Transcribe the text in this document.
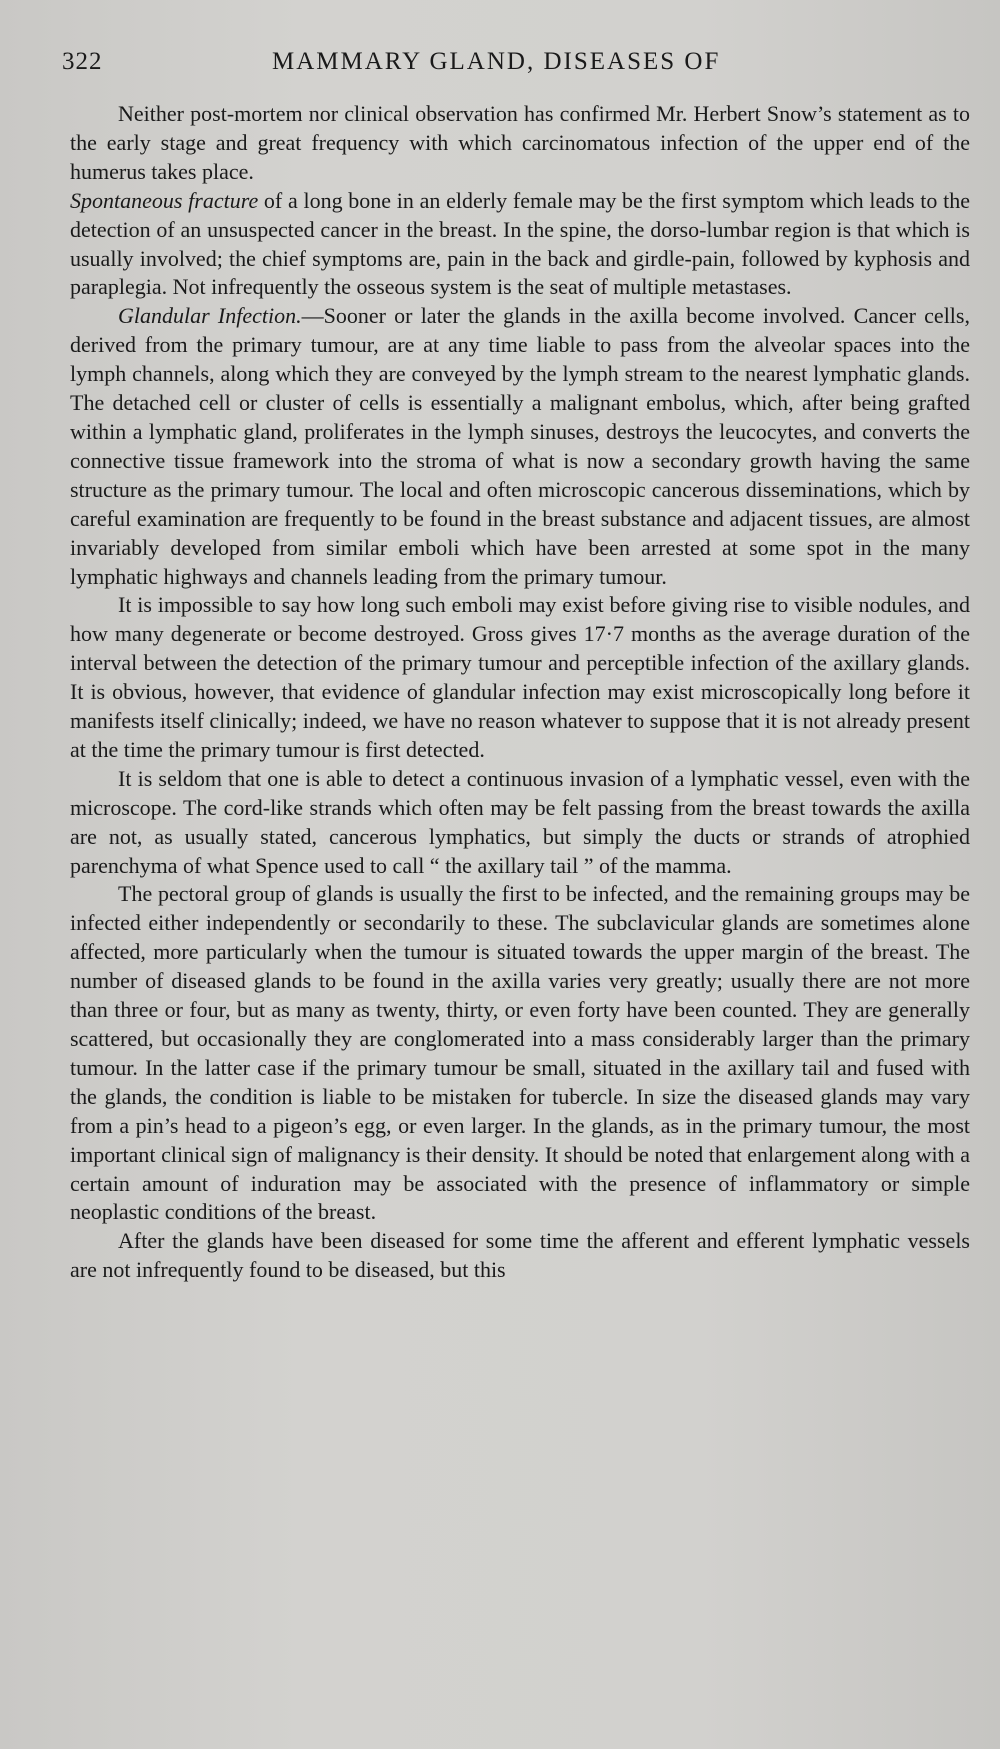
322	MAMMARY GLAND, DISEASES OF

Neither post-mortem nor clinical observation has confirmed Mr. Herbert Snow’s statement as to the early stage and great frequency with which carcinomatous infection of the upper end of the humerus takes place.

Spontaneous fracture of a long bone in an elderly female may be the first symptom which leads to the detection of an unsuspected cancer in the breast. In the spine, the dorso-lumbar region is that which is usually involved; the chief symptoms are, pain in the back and girdle-pain, followed by kyphosis and paraplegia. Not infrequently the osseous system is the seat of multiple metastases.

Glandular Infection.—Sooner or later the glands in the axilla become involved. Cancer cells, derived from the primary tumour, are at any time liable to pass from the alveolar spaces into the lymph channels, along which they are conveyed by the lymph stream to the nearest lymphatic glands. The detached cell or cluster of cells is essentially a malignant embolus, which, after being grafted within a lymphatic gland, proliferates in the lymph sinuses, destroys the leucocytes, and converts the connective tissue framework into the stroma of what is now a secondary growth having the same structure as the primary tumour. The local and often microscopic cancerous disseminations, which by careful examination are frequently to be found in the breast substance and adjacent tissues, are almost invariably developed from similar emboli which have been arrested at some spot in the many lymphatic highways and channels leading from the primary tumour.

It is impossible to say how long such emboli may exist before giving rise to visible nodules, and how many degenerate or become destroyed. Gross gives 17·7 months as the average duration of the interval between the detection of the primary tumour and perceptible infection of the axillary glands. It is obvious, however, that evidence of glandular infection may exist microscopically long before it manifests itself clinically; indeed, we have no reason whatever to suppose that it is not already present at the time the primary tumour is first detected.

It is seldom that one is able to detect a continuous invasion of a lymphatic vessel, even with the microscope. The cord-like strands which often may be felt passing from the breast towards the axilla are not, as usually stated, cancerous lymphatics, but simply the ducts or strands of atrophied parenchyma of what Spence used to call “ the axillary tail ” of the mamma.

The pectoral group of glands is usually the first to be infected, and the remaining groups may be infected either independently or secondarily to these. The subclavicular glands are sometimes alone affected, more particularly when the tumour is situated towards the upper margin of the breast. The number of diseased glands to be found in the axilla varies very greatly; usually there are not more than three or four, but as many as twenty, thirty, or even forty have been counted. They are generally scattered, but occasionally they are conglomerated into a mass considerably larger than the primary tumour. In the latter case if the primary tumour be small, situated in the axillary tail and fused with the glands, the condition is liable to be mistaken for tubercle. In size the diseased glands may vary from a pin’s head to a pigeon’s egg, or even larger. In the glands, as in the primary tumour, the most important clinical sign of malignancy is their density. It should be noted that enlargement along with a certain amount of induration may be associated with the presence of inflammatory or simple neoplastic conditions of the breast.

After the glands have been diseased for some time the afferent and efferent lymphatic vessels are not infrequently found to be diseased, but this
